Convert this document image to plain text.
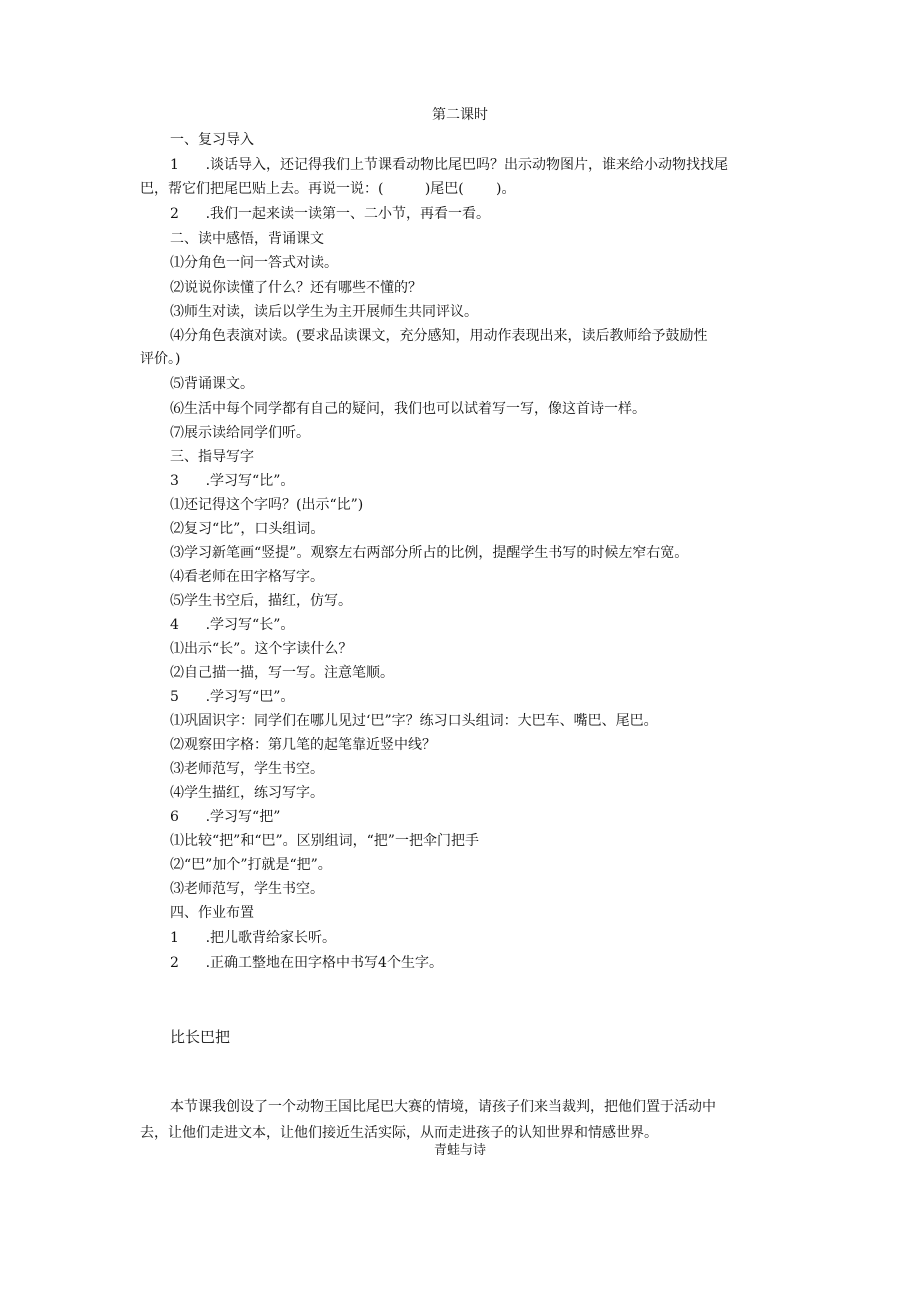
第二课时
一、复习导入
1	.谈话导入，还记得我们上节课看动物比尾巴吗？出示动物图片，谁来给小动物找找尾
巴，帮它们把尾巴贴上去。再说一说：(		)尾巴(	)。
2	.我们一起来读一读第一、二小节，再看一看。
二、读中感悟，背诵课文
⑴分角色一问一答式对读。
⑵说说你读懂了什么？还有哪些不懂的？
⑶师生对读，读后以学生为主开展师生共同评议。
⑷分角色表演对读。(要求品读课文，充分感知，用动作表现出来，读后教师给予鼓励性
评价。)
⑸背诵课文。
⑹生活中每个同学都有自己的疑问，我们也可以试着写一写，像这首诗一样。
⑺展示读给同学们听。
三、指导写字
3	.学习写“比”。
⑴还记得这个字吗？(出示“比”)
⑵复习“比”，口头组词。
⑶学习新笔画“竖提”。观察左右两部分所占的比例，提醒学生书写的时候左窄右宽。
⑷看老师在田字格写字。
⑸学生书空后，描红，仿写。
4	.学习写“长”。
⑴出示“长”。这个字读什么？
⑵自己描一描，写一写。注意笔顺。
5	.学习写“巴”。
⑴巩固识字：同学们在哪儿见过‘巴”字？练习口头组词：大巴车、嘴巴、尾巴。
⑵观察田字格：第几笔的起笔靠近竖中线？
⑶老师范写，学生书空。
⑷学生描红，练习写字。
6	.学习写“把”
⑴比较“把”和“巴”。区别组词，“把”一把伞门把手
⑵“巴”加个”打就是“把”。
⑶老师范写，学生书空。
四、作业布置
1	.把儿歌背给家长听。
2	.正确工整地在田字格中书写4个生字。
比长巴把
本节课我创设了一个动物王国比尾巴大赛的情境，请孩子们来当裁判，把他们置于活动中
去，让他们走进文本，让他们接近生活实际，从而走进孩子的认知世界和情感世界。
青蛙与诗
